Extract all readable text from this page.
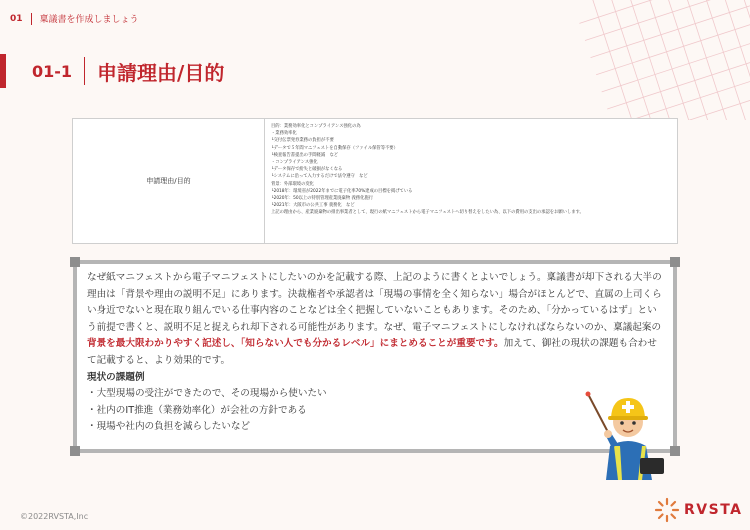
01 稟議書を作成しましょう
01-1 申請理由/目的
申請理由/目的
目的：業務効率化とコンプライアンス強化の為
・業務効率化
└交付伝票発券業務の負担が不要
└データで５年間マニフェストを自動保存（ファイル保管等不要）
└検査報告書提出の手間軽減　など
・コンプライアンス強化
└データ保存で紛失と破損がなくなる
└システムに沿って入力するだけで法令遵守　など
背景：外部環境の変化
└2018年：環境省が2022年までに電子化率70%達成の目標を掲げている
└2020年：50以上の特別管理産業廃棄物 義務化施行
└2021年：大阪市の公共工事 義務化　など
上記の理由から、産業廃棄物の排出事業者として、現行の紙マニフェストから電子マニフェストへ切り替えをしたい為、以下の費用の支出の承認をお願いします。

なぜ紙マニフェストから電子マニフェストにしたいのかを記載する際、上記のように書くとよいでしょう。稟議書が却下される大半の理由は「背景や理由の説明不足」にあります。決裁権者や承認者は「現場の事情を全く知らない」場合がほとんどで、直属の上司くらい身近でないと現在取り組んでいる仕事内容のことなどは全く把握していないこともあります。そのため、「分かっているはず」という前提で書くと、説明不足と捉えられ却下される可能性があります。なぜ、電子マニフェストにしなければならないのか、稟議起案の背景を最大限わかりやすく記述し、「知らない人でも分かるレベル」にまとめることが重要です。加えて、御社の現状の課題も合わせて記載すると、より効果的です。

現状の課題例

・大型現場の受注ができたので、その現場から使いたい

・社内のIT推進（業務効率化）が会社の方針である

・現場や社内の負担を減らしたいなど

©2022RVSTA,Inc	RVSTA
